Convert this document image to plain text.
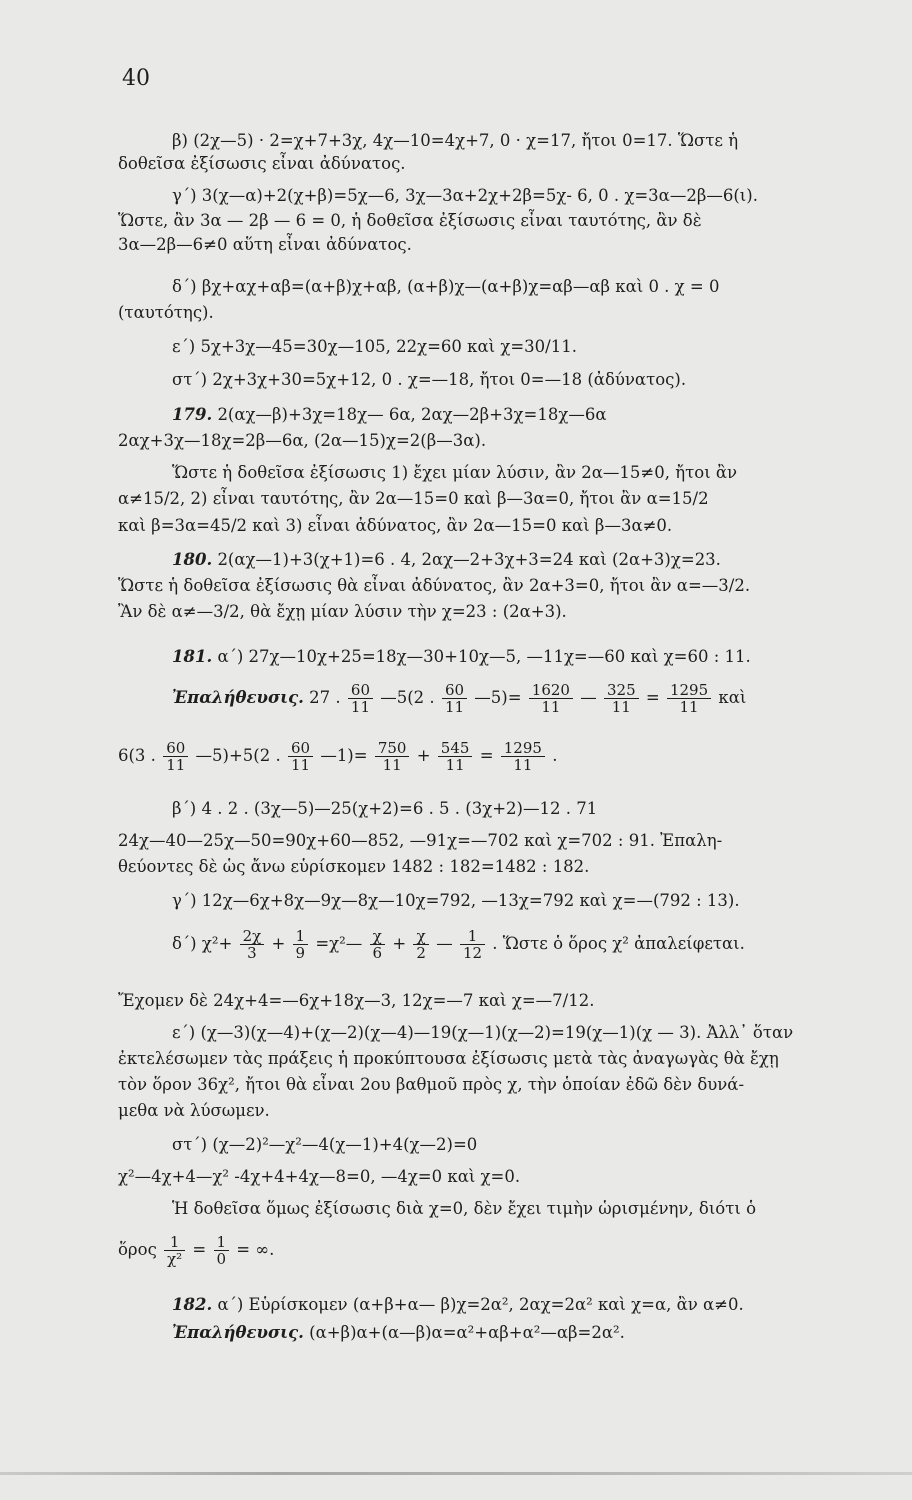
40
β) (2χ—5) · 2=χ+7+3χ, 4χ—10=4χ+7, 0 · χ=17, ἤτοι 0=17. Ὥστε ἡ
δοθεῖσα ἐξίσωσις εἶναι ἀδύνατος.
γ΄) 3(χ—α)+2(χ+β)=5χ—6, 3χ—3α+2χ+2β=5χ- 6, 0 . χ=3α—2β—6(ι).
Ὥστε, ἂν 3α — 2β — 6 = 0, ἡ δοθεῖσα ἐξίσωσις εἶναι ταυτότης, ἂν δὲ
3α—2β—6≠0 αὕτη εἶναι ἀδύνατος.
δ΄) βχ+αχ+αβ=(α+β)χ+αβ, (α+β)χ—(α+β)χ=αβ—αβ καὶ 0 . χ = 0
(ταυτότης).
ε΄) 5χ+3χ—45=30χ—105, 22χ=60 καὶ χ=30/11.
στ΄) 2χ+3χ+30=5χ+12, 0 . χ=—18, ἤτοι 0=—18 (ἀδύνατος).
179. 2(αχ—β)+3χ=18χ— 6α, 2αχ—2β+3χ=18χ—6α
2αχ+3χ—18χ=2β—6α, (2α—15)χ=2(β—3α).
Ὥστε ἡ δοθεῖσα ἐξίσωσις 1) ἔχει μίαν λύσιν, ἂν 2α—15≠0, ἤτοι ἂν
α≠15/2, 2) εἶναι ταυτότης, ἂν 2α—15=0 καὶ β—3α=0, ἤτοι ἂν α=15/2
καὶ β=3α=45/2 καὶ 3) εἶναι ἀδύνατος, ἂν 2α—15=0 καὶ β—3α≠0.
180. 2(αχ—1)+3(χ+1)=6 . 4, 2αχ—2+3χ+3=24 καὶ (2α+3)χ=23.
Ὥστε ἡ δοθεῖσα ἐξίσωσις θὰ εἶναι ἀδύνατος, ἂν 2α+3=0, ἤτοι ἂν α=—3/2.
Ἂν δὲ α≠—3/2, θὰ ἔχῃ μίαν λύσιν τὴν χ=23 : (2α+3).
181. α΄) 27χ—10χ+25=18χ—30+10χ—5, —11χ=—60 καὶ χ=60 : 11.
Ἐπαλήθευσις. 27 . $\frac{60}{11}$ —5(2 . $\frac{60}{11}$ —5)= $\frac{1620}{11}$ — $\frac{325}{11} = \frac{1295}{11}$ καὶ
6(3 . $\frac{60}{11}$ —5)+5(2 . $\frac{60}{11}$ —1)= $\frac{750}{11} + \frac{545}{11} = \frac{1295}{11}$ .
β΄) 4 . 2 . (3χ—5)—25(χ+2)=6 . 5 . (3χ+2)—12 . 71
24χ—40—25χ—50=90χ+60—852, —91χ=—702 καὶ χ=702 : 91. Ἐπαλη-
θεύοντες δὲ ὡς ἄνω εὑρίσκομεν 1482 : 182=1482 : 182.
γ΄) 12χ—6χ+8χ—9χ—8χ—10χ=792, —13χ=792 καὶ χ=—(792 : 13).
δ΄) $\chi^2+ \frac{2\chi}{3} + \frac{1}{9}$ =χ²— $\frac{\chi}{6} + \frac{\chi}{2}$ — $\frac{1}{12}$ . Ὥστε ὁ ὅρος χ² ἀπαλείφεται.
Ἔχομεν δὲ 24χ+4=—6χ+18χ—3, 12χ=—7 καὶ χ=—7/12.
ε΄) (χ—3)(χ—4)+(χ—2)(χ—4)—19(χ—1)(χ—2)=19(χ—1)(χ — 3). Ἀλλ᾽ ὅταν
ἐκτελέσωμεν τὰς πράξεις ἡ προκύπτουσα ἐξίσωσις μετὰ τὰς ἀναγωγὰς θὰ ἔχῃ
τὸν ὅρον 36χ², ἤτοι θὰ εἶναι 2ου βαθμοῦ πρὸς χ, τὴν ὁποίαν ἐδῶ δὲν δυνά-
μεθα νὰ λύσωμεν.
στ΄) (χ—2)²—χ²—4(χ—1)+4(χ—2)=0
χ²—4χ+4—χ² -4χ+4+4χ—8=0, —4χ=0 καὶ χ=0.
Ἡ δοθεῖσα ὅμως ἐξίσωσις διὰ χ=0, δὲν ἔχει τιμὴν ὡρισμένην, διότι ὁ
ὅρος $\frac{1}{\text{χ²}} = \frac{1}{0}$ = ∞.
182. α΄) Εὑρίσκομεν (α+β+α— β)χ=2α², 2αχ=2α² καὶ χ=α, ἂν α≠0.
Ἐπαλήθευσις. (α+β)α+(α—β)α=α²+αβ+α²—αβ=2α².
